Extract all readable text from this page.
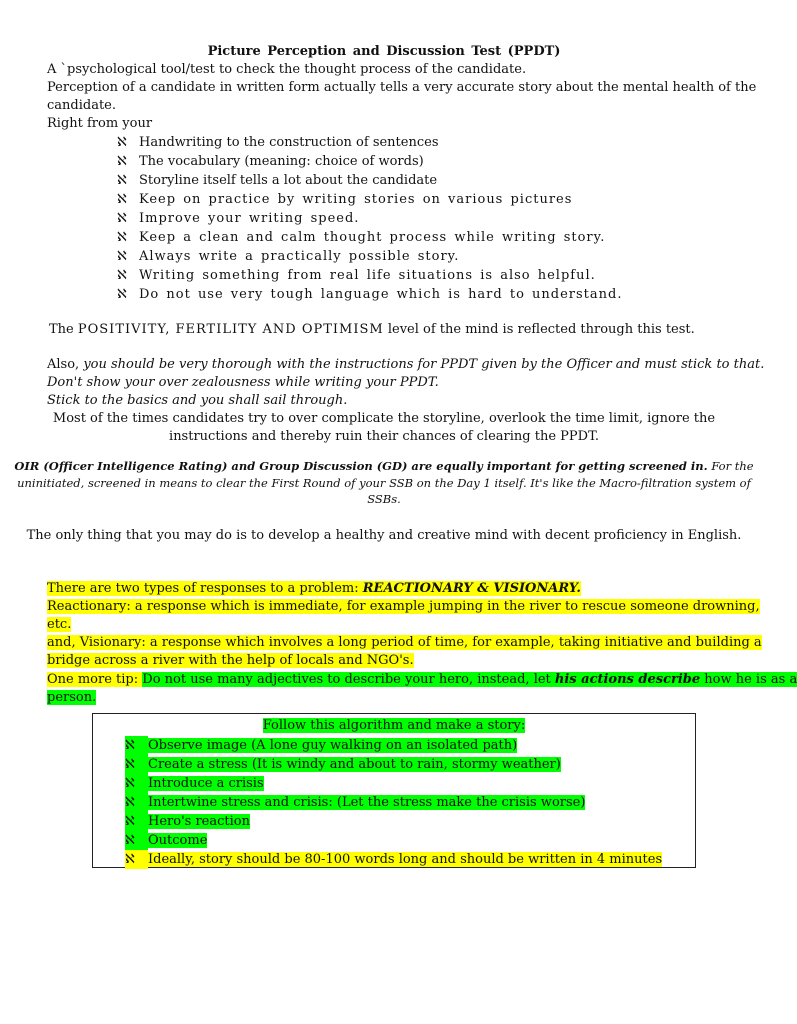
Picture Perception and Discussion Test (PPDT)
A `psychological tool/test to check the thought process of the candidate.
Perception of a candidate in written form actually tells a very accurate story about the mental health of the
candidate.
Right from your
ℵ Handwriting to the construction of sentences
ℵ The vocabulary (meaning: choice of words)
ℵ Storyline itself tells a lot about the candidate
ℵ Keep on practice by writing stories on various pictures
ℵ Improve your writing speed.
ℵ Keep a clean and calm thought process while writing story.
ℵ Always write a practically possible story.
ℵ Writing something from real life situations is also helpful.
ℵ Do not use very tough language which is hard to understand.
The POSITIVITY, FERTILITY AND OPTIMISM level of the mind is reflected through this test.
Also, you should be very thorough with the instructions for PPDT given by the Officer and must stick to that.
Don't show your over zealousness while writing your PPDT.
Stick to the basics and you shall sail through.
Most of the times candidates try to over complicate the storyline, overlook the time limit, ignore the
instructions and thereby ruin their chances of clearing the PPDT.
OIR (Officer Intelligence Rating) and Group Discussion (GD) are equally important for getting screened in. For the
uninitiated, screened in means to clear the First Round of your SSB on the Day 1 itself. It's like the Macro-filtration system of
SSBs.
The only thing that you may do is to develop a healthy and creative mind with decent proficiency in English.
There are two types of responses to a problem: REACTIONARY & VISIONARY.
Reactionary: a response which is immediate, for example jumping in the river to rescue someone drowning,
etc.
and, Visionary: a response which involves a long period of time, for example, taking initiative and building a
bridge across a river with the help of locals and NGO's.
One more tip: Do not use many adjectives to describe your hero, instead, let his actions describe how he is as a
person.
Follow this algorithm and make a story:
ℵ Observe image (A lone guy walking on an isolated path)
ℵ Create a stress (It is windy and about to rain, stormy weather)
ℵ Introduce a crisis
ℵ Intertwine stress and crisis: (Let the stress make the crisis worse)
ℵ Hero's reaction
ℵ Outcome
ℵ Ideally, story should be 80-100 words long and should be written in 4 minutes
